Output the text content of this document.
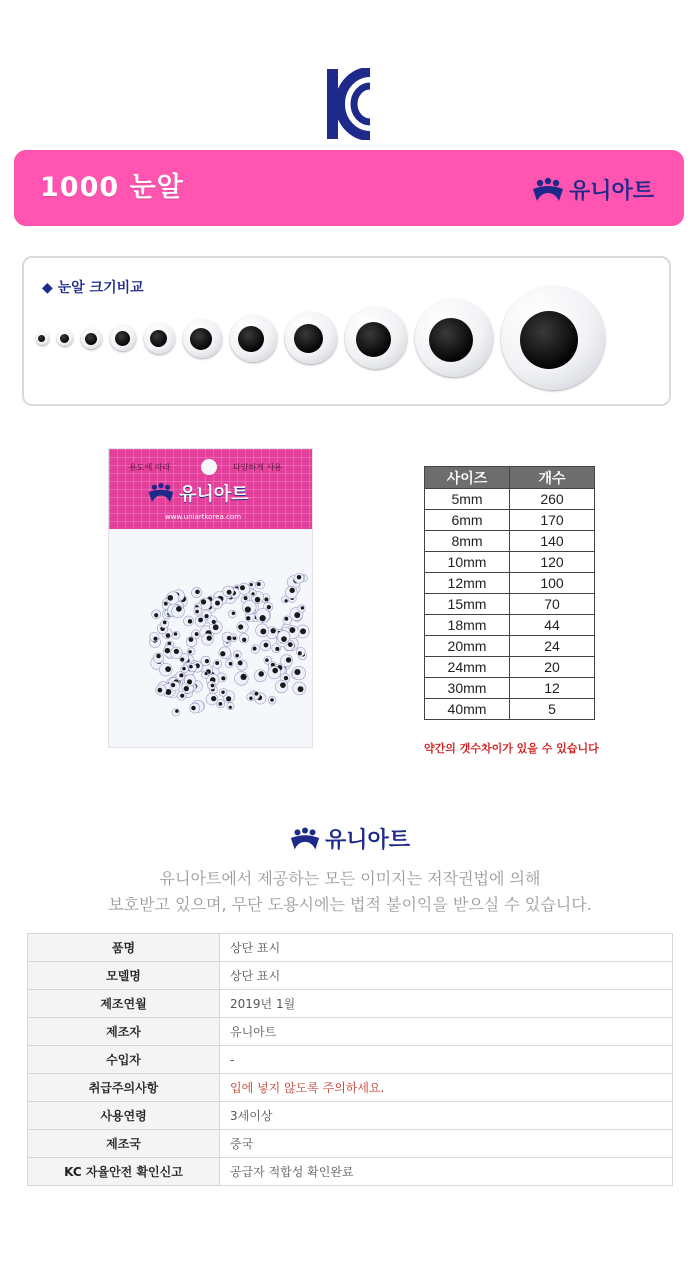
1000 눈알	유니아트
◆ 눈알 크기비교
용도에 따라	다양하게 사용
유니아트
www.uniartkorea.com
사이즈	개수
5mm	260
6mm	170
8mm	140
10mm	120
12mm	100
15mm	70
18mm	44
20mm	24
24mm	20
30mm	12
40mm	5
약간의 갯수차이가 있을 수 있습니다
유니아트
유니아트에서 제공하는 모든 이미지는 저작권법에 의해
보호받고 있으며, 무단 도용시에는 법적 불이익을 받으실 수 있습니다.
품명	상단 표시
모델명	상단 표시
제조연월	2019년 1월
제조자	유니아트
수입자	-
취급주의사항	입에 넣지 않도록 주의하세요.
사용연령	3세이상
제조국	중국
KC 자율안전 확인신고	공급자 적합성 확인완료
